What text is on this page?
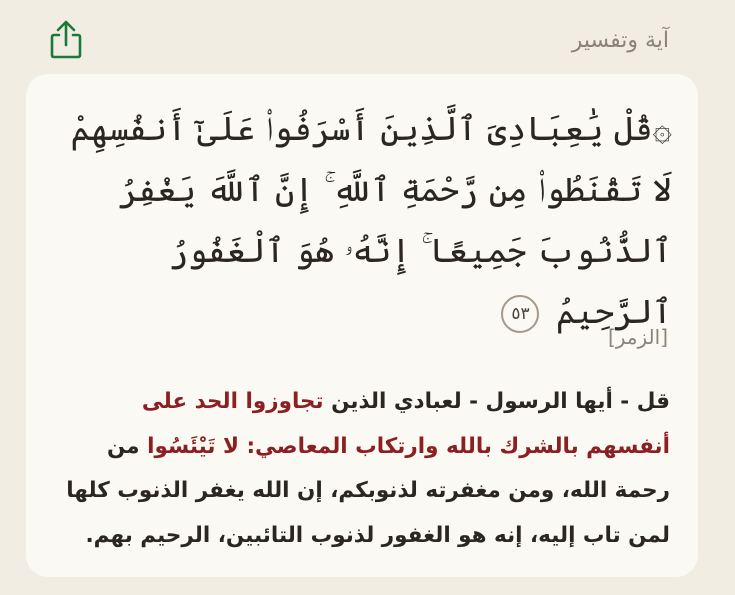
آية وتفسير

۞قُلْ يَٰعِبَادِىَ ٱلَّذِينَ أَسْرَفُوا۟ عَلَىٰٓ أَنفُسِهِمْ لَا تَقْنَطُوا۟ مِن رَّحْمَةِ ٱللَّهِ ۚ إِنَّ ٱللَّهَ يَغْفِرُ ٱلذُّنُوبَ جَمِيعًا ۚ إِنَّهُۥ هُوَ ٱلْغَفُورُ ٱلرَّحِيمُ ٥٣

[الزمر]

قل - أيها الرسول - لعبادي الذين تجاوزوا الحد على أنفسهم بالشرك بالله وارتكاب المعاصي: لا تَيْئَسُوا من رحمة الله، ومن مغفرته لذنوبكم، إن الله يغفر الذنوب كلها لمن تاب إليه، إنه هو الغفور لذنوب التائبين، الرحيم بهم.
